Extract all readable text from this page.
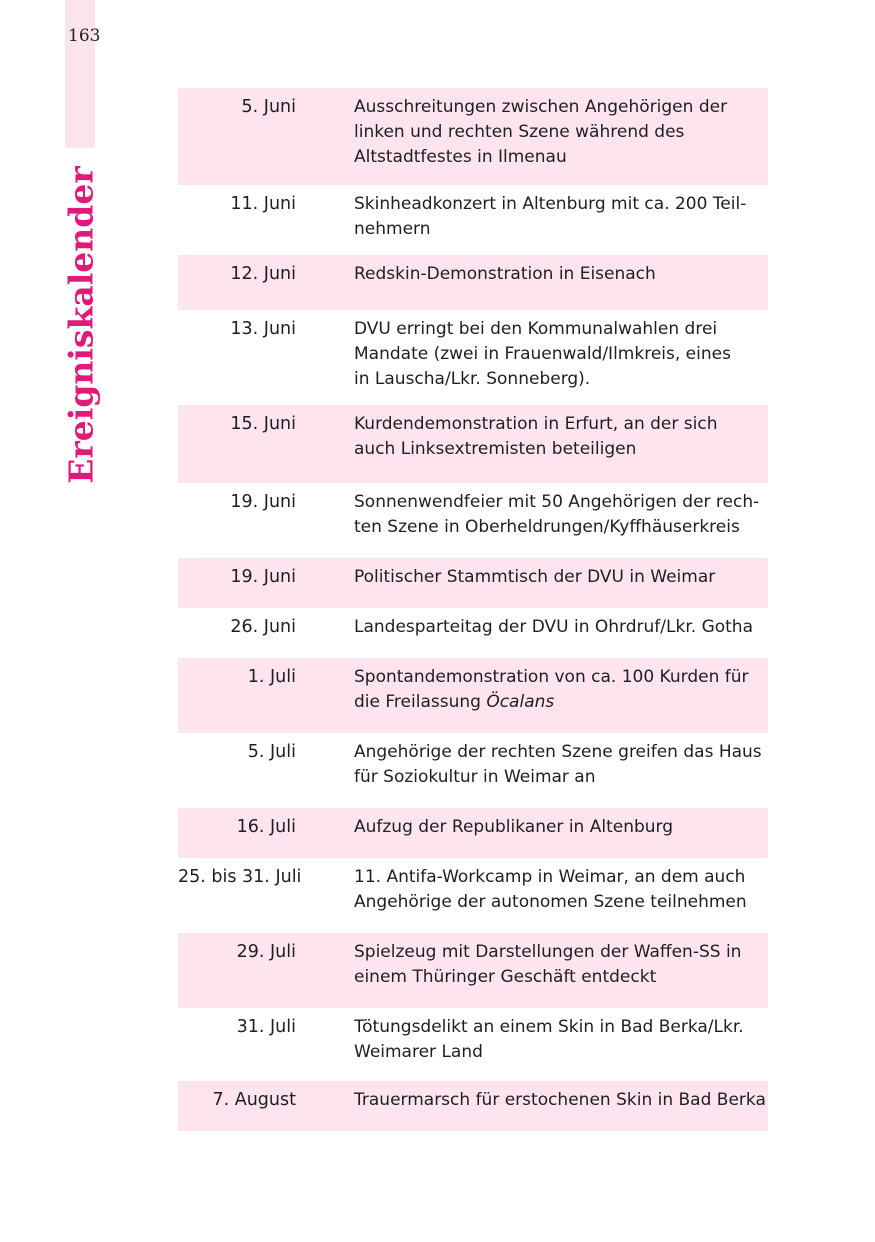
163
Ereigniskalender
5. Juni	Ausschreitungen zwischen Angehörigen der
linken und rechten Szene während des
Altstadtfestes in Ilmenau
11. Juni	Skinheadkonzert in Altenburg mit ca. 200 Teil-
nehmern
12. Juni	Redskin-Demonstration in Eisenach
13. Juni	DVU erringt bei den Kommunalwahlen drei
Mandate (zwei in Frauenwald/Ilmkreis, eines
in Lauscha/Lkr. Sonneberg).
15. Juni	Kurdendemonstration in Erfurt, an der sich
auch Linksextremisten beteiligen
19. Juni	Sonnenwendfeier mit 50 Angehörigen der rech-
ten Szene in Oberheldrungen/Kyffhäuserkreis
19. Juni	Politischer Stammtisch der DVU in Weimar
26. Juni	Landesparteitag der DVU in Ohrdruf/Lkr. Gotha
1. Juli	Spontandemonstration von ca. 100 Kurden für
die Freilassung Öcalans
5. Juli	Angehörige der rechten Szene greifen das Haus
für Soziokultur in Weimar an
16. Juli	Aufzug der Republikaner in Altenburg
25. bis 31. Juli	11. Antifa-Workcamp in Weimar, an dem auch
Angehörige der autonomen Szene teilnehmen
29. Juli	Spielzeug mit Darstellungen der Waffen-SS in
einem Thüringer Geschäft entdeckt
31. Juli	Tötungsdelikt an einem Skin in Bad Berka/Lkr.
Weimarer Land
7. August	Trauermarsch für erstochenen Skin in Bad Berka
